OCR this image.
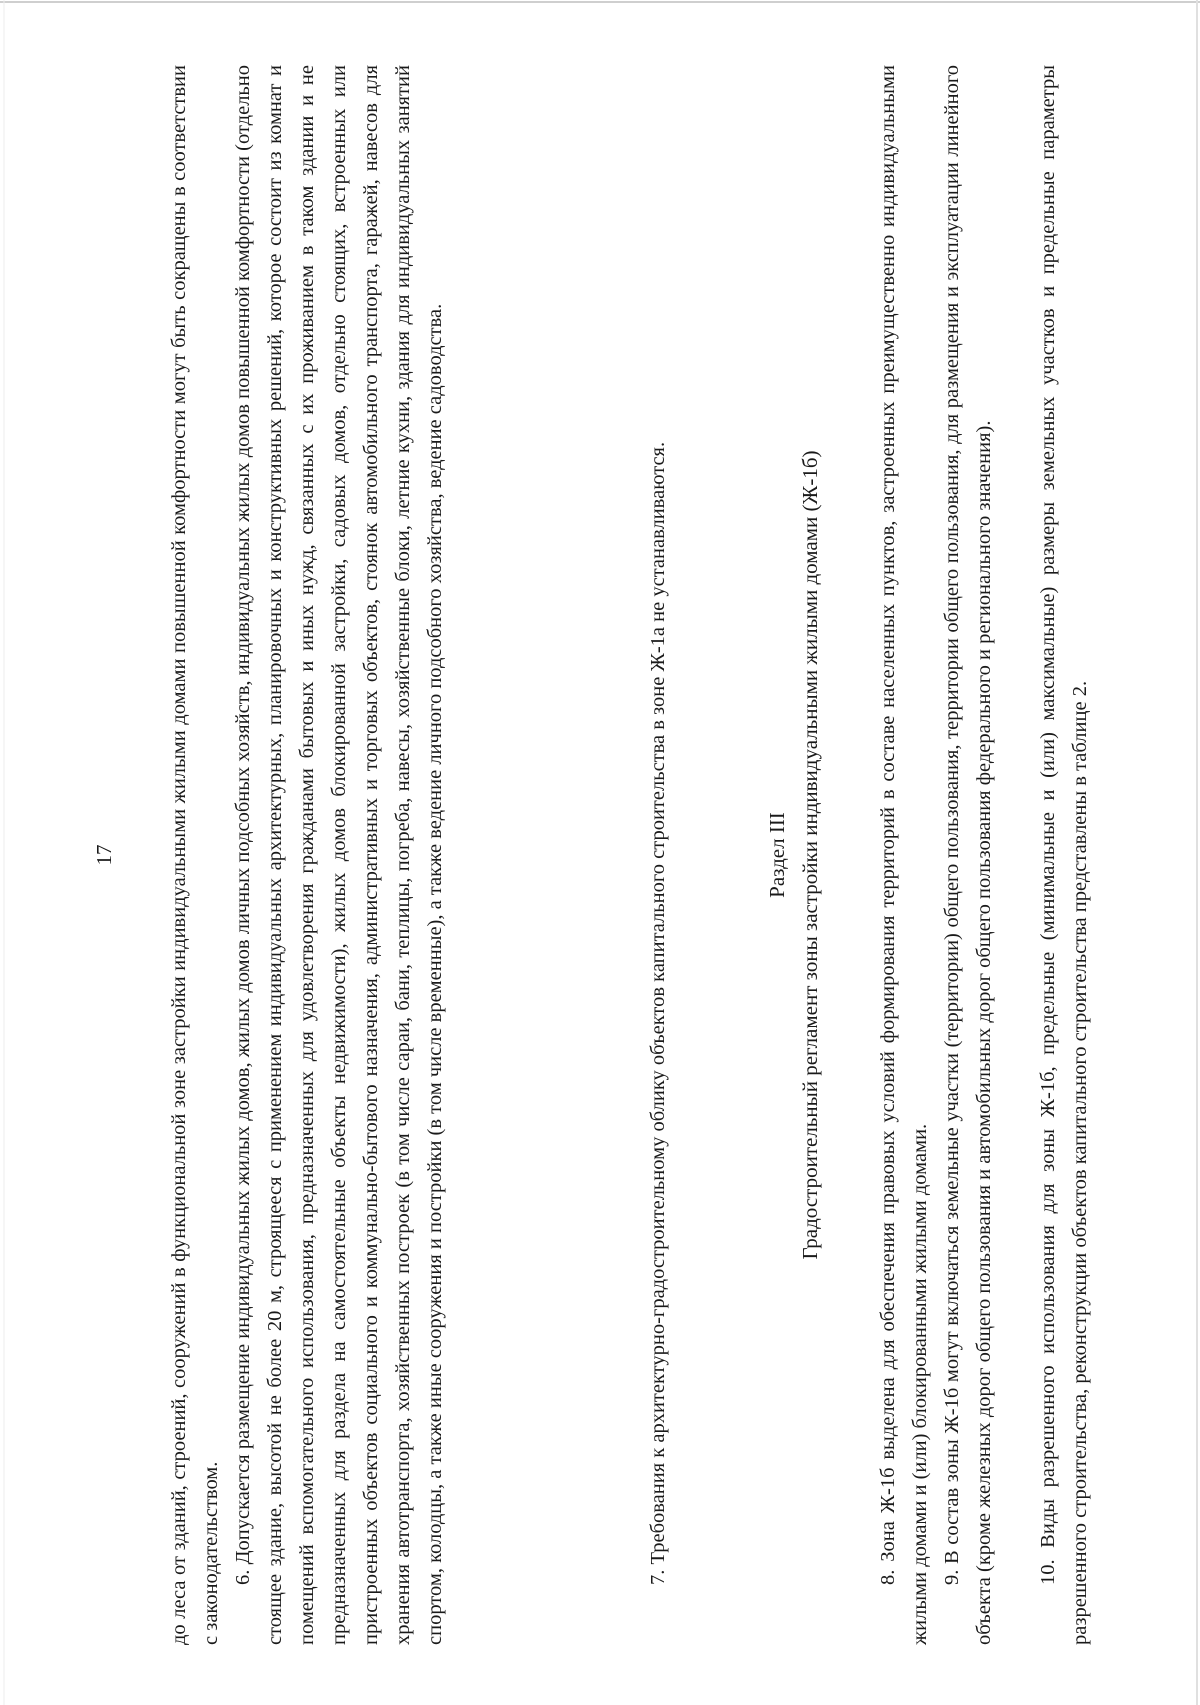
17	до леса от зданий, строений, сооружений в функциональной зоне застройки индивидуальными жилыми домами повышенной комфортности могут быть сокращены в соответствии с законодательством. 6. Допускается размещение индивидуальных жилых домов, жилых домов личных подсобных хозяйств, индивидуальных жилых домов повышенной комфортности (отдельно стоящее здание, высотой не более 20 м, строящееся с применением индивидуальных архитектурных, планировочных и конструктивных решений, которое состоит из комнат и помещений вспомогательного использования, предназначенных для удовлетворения гражданами бытовых и иных нужд, связанных с их проживанием в таком здании и не предназначенных для раздела на самостоятельные объекты недвижимости), жилых домов блокированной застройки, садовых домов, отдельно стоящих, встроенных или пристроенных объектов социального и коммунально-бытового назначения, административных и торговых объектов, стоянок автомобильного транспорта, гаражей, навесов для хранения автотранспорта, хозяйственных построек (в том числе сараи, бани, теплицы, погреба, навесы, хозяйственные блоки, летние кухни, здания для индивидуальных занятий спортом, колодцы, а также иные сооружения и постройки (в том числе временные), а также ведение личного подсобного хозяйства, ведение садоводства.	7. Требования к архитектурно-градостроительному облику объектов капитального строительства в зоне Ж-1а не устанавливаются.	Раздел III Градостроительный регламент зоны застройки индивидуальными жилыми домами (Ж-1б)	8. Зона Ж-1б выделена для обеспечения правовых условий формирования территорий в составе населенных пунктов, застроенных преимущественно индивидуальными жилыми домами и (или) блокированными жилыми домами. 9. В состав зоны Ж-1б могут включаться земельные участки (территории) общего пользования, территории общего пользования, для размещения и эксплуатации линейного объекта (кроме железных дорог общего пользования и автомобильных дорог общего пользования федерального и регионального значения). 10. Виды разрешенного использования для зоны Ж-1б, предельные (минимальные и (или) максимальные) размеры земельных участков и предельные параметры разрешенного строительства, реконструкции объектов капитального строительства представлены в таблице 2.
